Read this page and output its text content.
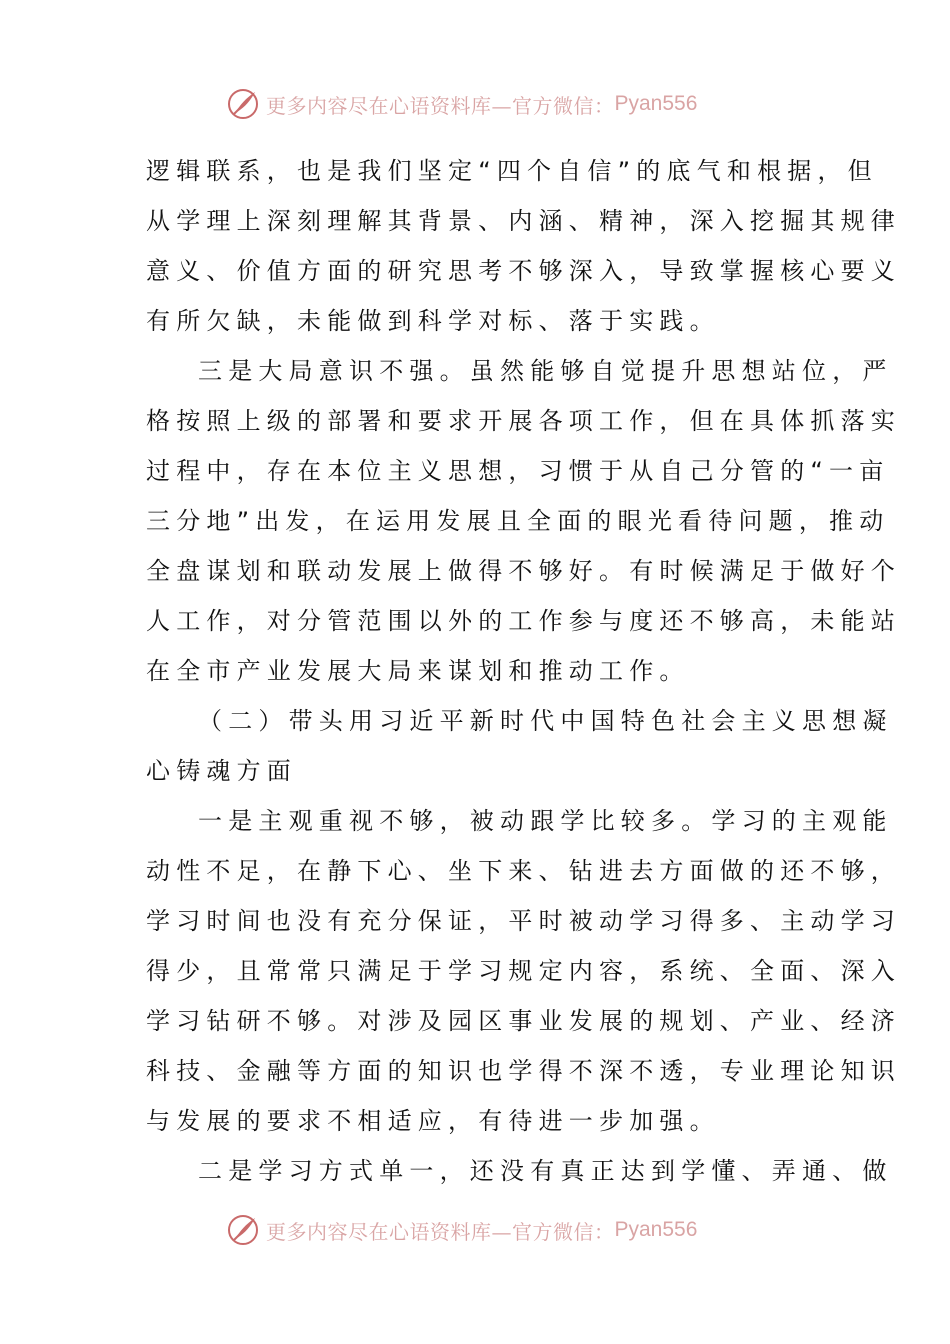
更多内容尽在心语资料库—官方微信： Pyan556
逻辑联系，也是我们坚定“四个自信”的底气和根据，但
从学理上深刻理解其背景、内涵、精神，深入挖掘其规律
意义、价值方面的研究思考不够深入，导致掌握核心要义
有所欠缺，未能做到科学对标、落于实践。
三是大局意识不强。虽然能够自觉提升思想站位，严
格按照上级的部署和要求开展各项工作，但在具体抓落实
过程中，存在本位主义思想，习惯于从自己分管的“一亩
三分地”出发，在运用发展且全面的眼光看待问题，推动
全盘谋划和联动发展上做得不够好。有时候满足于做好个
人工作，对分管范围以外的工作参与度还不够高，未能站
在全市产业发展大局来谋划和推动工作。
（二）带头用习近平新时代中国特色社会主义思想凝
心铸魂方面
一是主观重视不够，被动跟学比较多。学习的主观能
动性不足，在静下心、坐下来、钻进去方面做的还不够，
学习时间也没有充分保证，平时被动学习得多、主动学习
得少，且常常只满足于学习规定内容，系统、全面、深入
学习钻研不够。对涉及园区事业发展的规划、产业、经济
科技、金融等方面的知识也学得不深不透，专业理论知识
与发展的要求不相适应，有待进一步加强。
二是学习方式单一，还没有真正达到学懂、弄通、做
更多内容尽在心语资料库—官方微信： Pyan556
